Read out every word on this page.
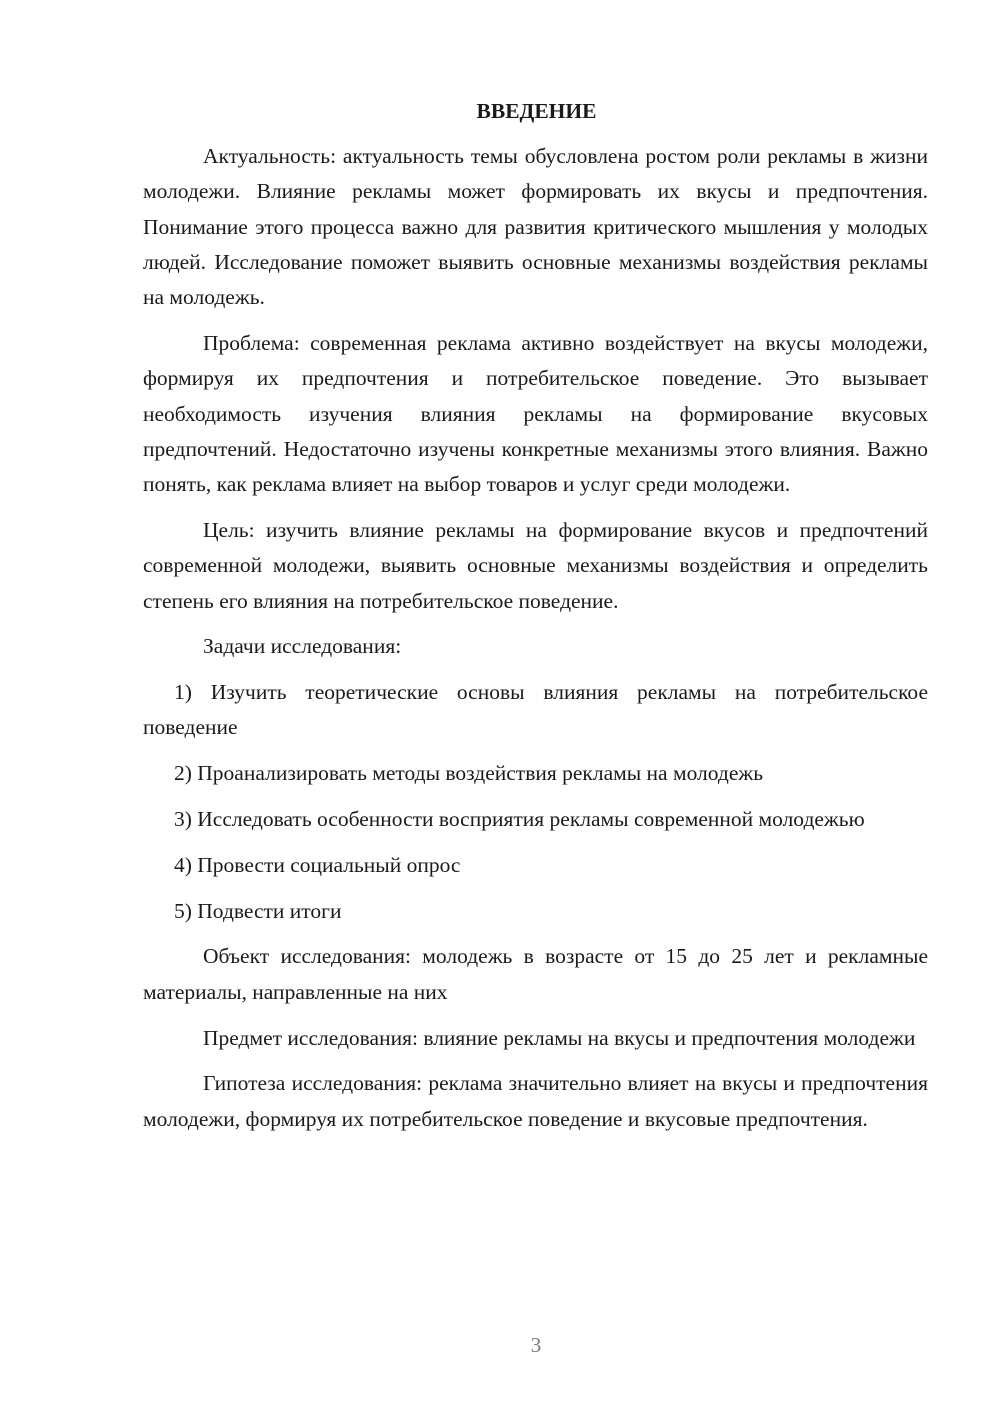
ВВЕДЕНИЕ

Актуальность: актуальность темы обусловлена ростом роли рекламы в жизни молодежи. Влияние рекламы может формировать их вкусы и предпочтения. Понимание этого процесса важно для развития критического мышления у молодых людей. Исследование поможет выявить основные механизмы воздействия рекламы на молодежь.

Проблема: современная реклама активно воздействует на вкусы молодежи, формируя их предпочтения и потребительское поведение. Это вызывает необходимость изучения влияния рекламы на формирование вкусовых предпочтений. Недостаточно изучены конкретные механизмы этого влияния. Важно понять, как реклама влияет на выбор товаров и услуг среди молодежи.

Цель: изучить влияние рекламы на формирование вкусов и предпочтений современной молодежи, выявить основные механизмы воздействия и определить степень его влияния на потребительское поведение.

Задачи исследования:

1) Изучить теоретические основы влияния рекламы на потребительское поведение

2) Проанализировать методы воздействия рекламы на молодежь

3) Исследовать особенности восприятия рекламы современной молодежью

4) Провести социальный опрос

5) Подвести итоги

Объект исследования: молодежь в возрасте от 15 до 25 лет и рекламные материалы, направленные на них

Предмет исследования: влияние рекламы на вкусы и предпочтения молодежи

Гипотеза исследования: реклама значительно влияет на вкусы и предпочтения молодежи, формируя их потребительское поведение и вкусовые предпочтения.

3
